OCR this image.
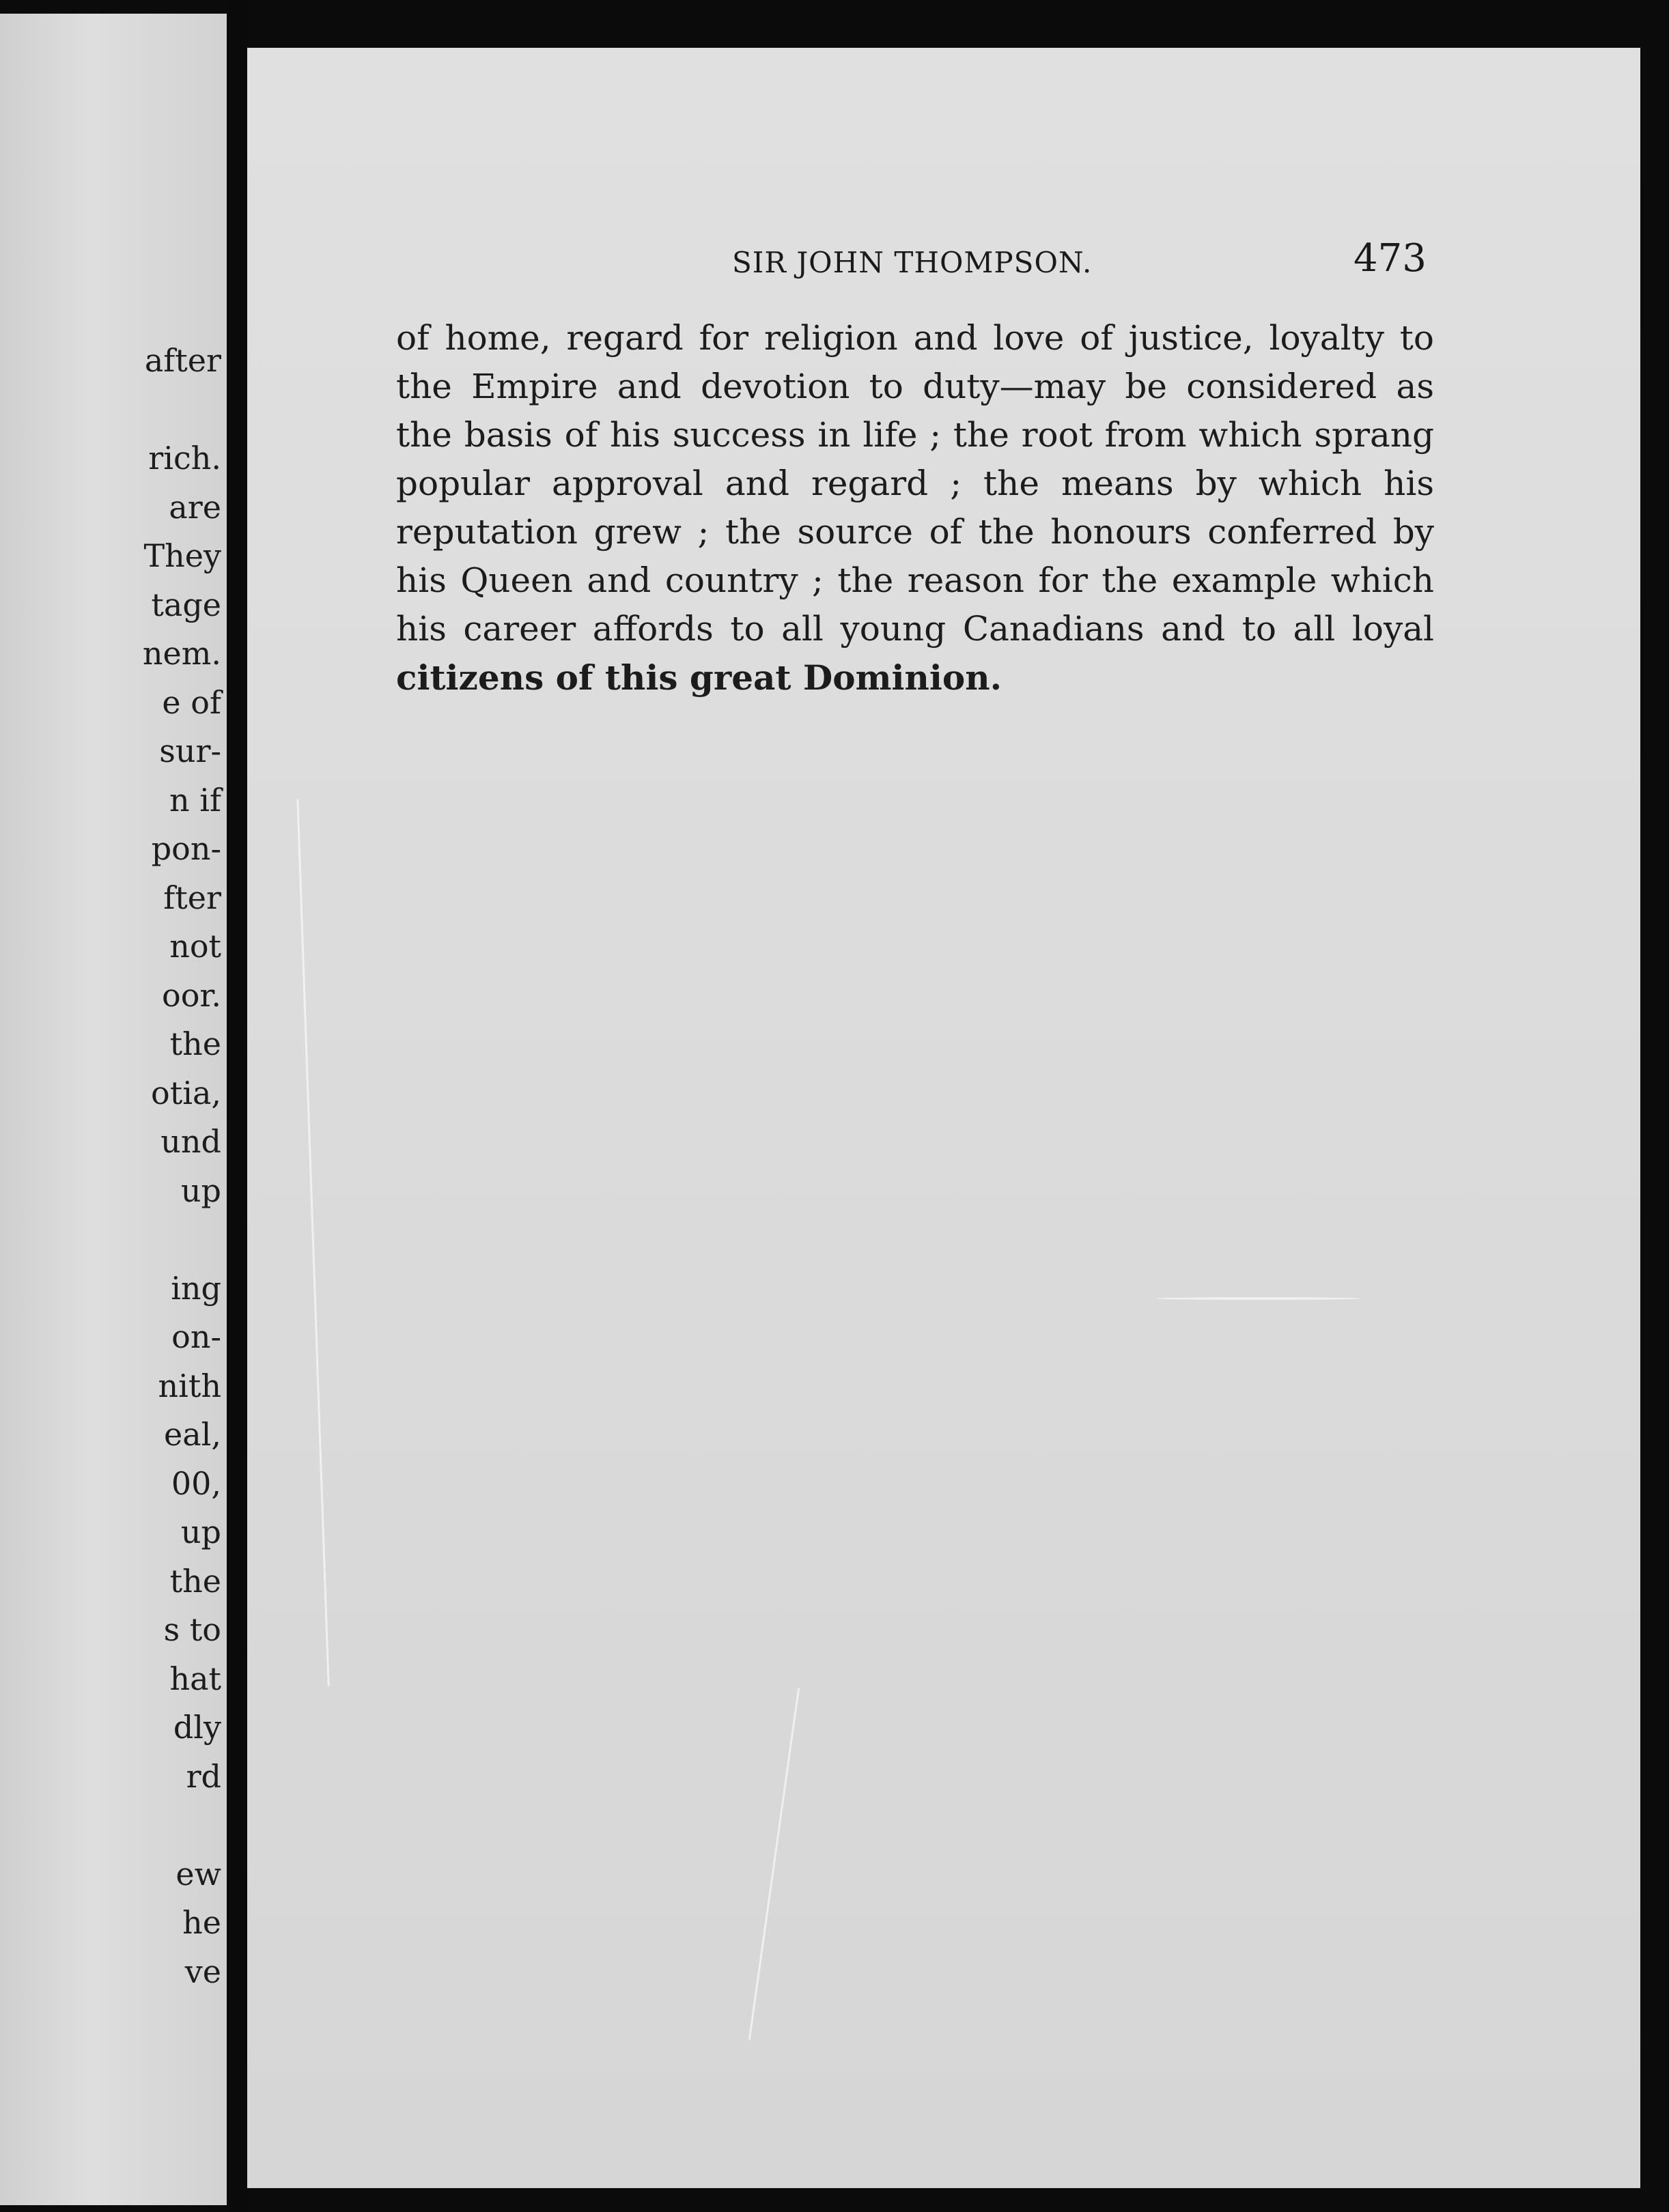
after
rich.
are
They
tage
nem.
e of
sur-
n if
pon-
fter
not
oor.
the
otia,
und
up
ing
on-
nith
eal,
00,
up
the
s to
hat
dly
rd
ew
he
ve
SIR JOHN THOMPSON.	473
of home, regard for religion and love of justice, loyalty to
the Empire and devotion to duty—may be considered as
the basis of his success in life ; the root from which sprang
popular approval and regard ; the means by which his
reputation grew ; the source of the honours conferred by
his Queen and country ; the reason for the example which
his career affords to all young Canadians and to all loyal
citizens of this great Dominion.
